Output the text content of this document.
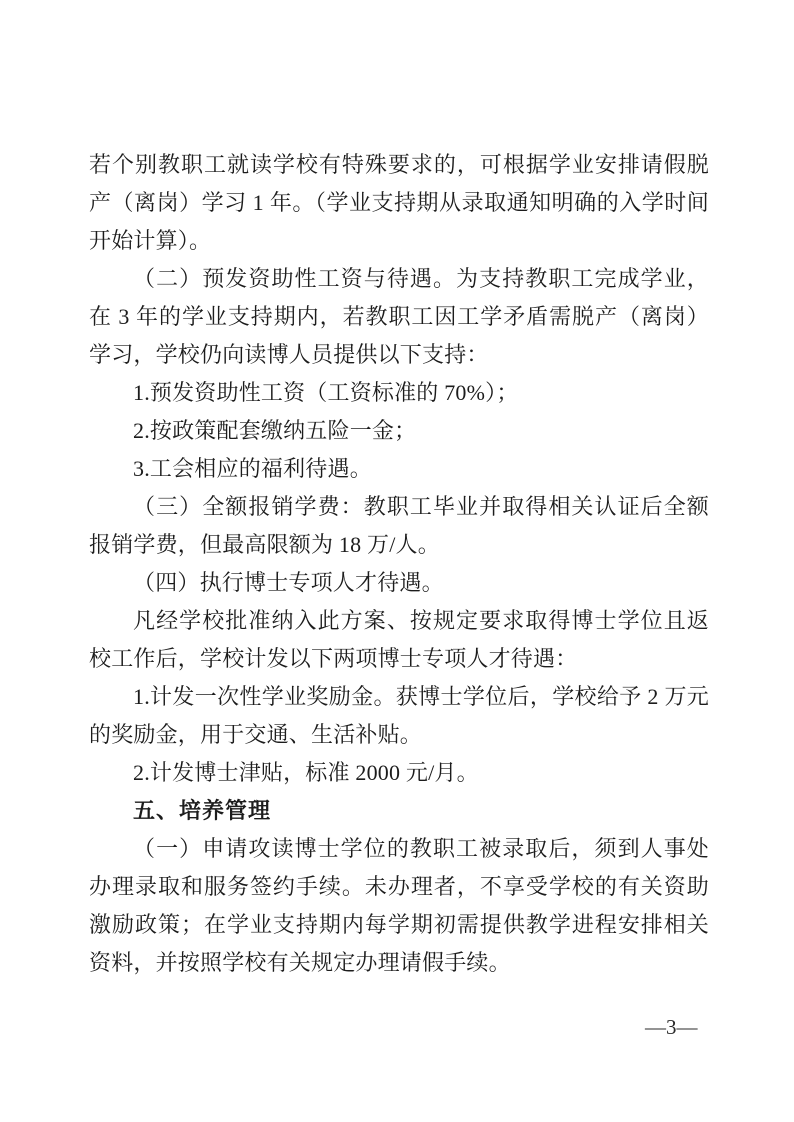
若个别教职工就读学校有特殊要求的，可根据学业安排请假脱产（离岗）学习 1 年。（学业支持期从录取通知明确的入学时间开始计算）。

（二）预发资助性工资与待遇。为支持教职工完成学业，在 3 年的学业支持期内，若教职工因工学矛盾需脱产（离岗）学习，学校仍向读博人员提供以下支持：

1.预发资助性工资（工资标准的 70%）；

2.按政策配套缴纳五险一金；

3.工会相应的福利待遇。

（三）全额报销学费：教职工毕业并取得相关认证后全额报销学费，但最高限额为 18 万/人。

（四）执行博士专项人才待遇。

凡经学校批准纳入此方案、按规定要求取得博士学位且返校工作后，学校计发以下两项博士专项人才待遇：

1.计发一次性学业奖励金。获博士学位后，学校给予 2 万元的奖励金，用于交通、生活补贴。

2.计发博士津贴，标准 2000 元/月。

五、培养管理

（一）申请攻读博士学位的教职工被录取后，须到人事处办理录取和服务签约手续。未办理者，不享受学校的有关资助激励政策；在学业支持期内每学期初需提供教学进程安排相关资料，并按照学校有关规定办理请假手续。

—3—
